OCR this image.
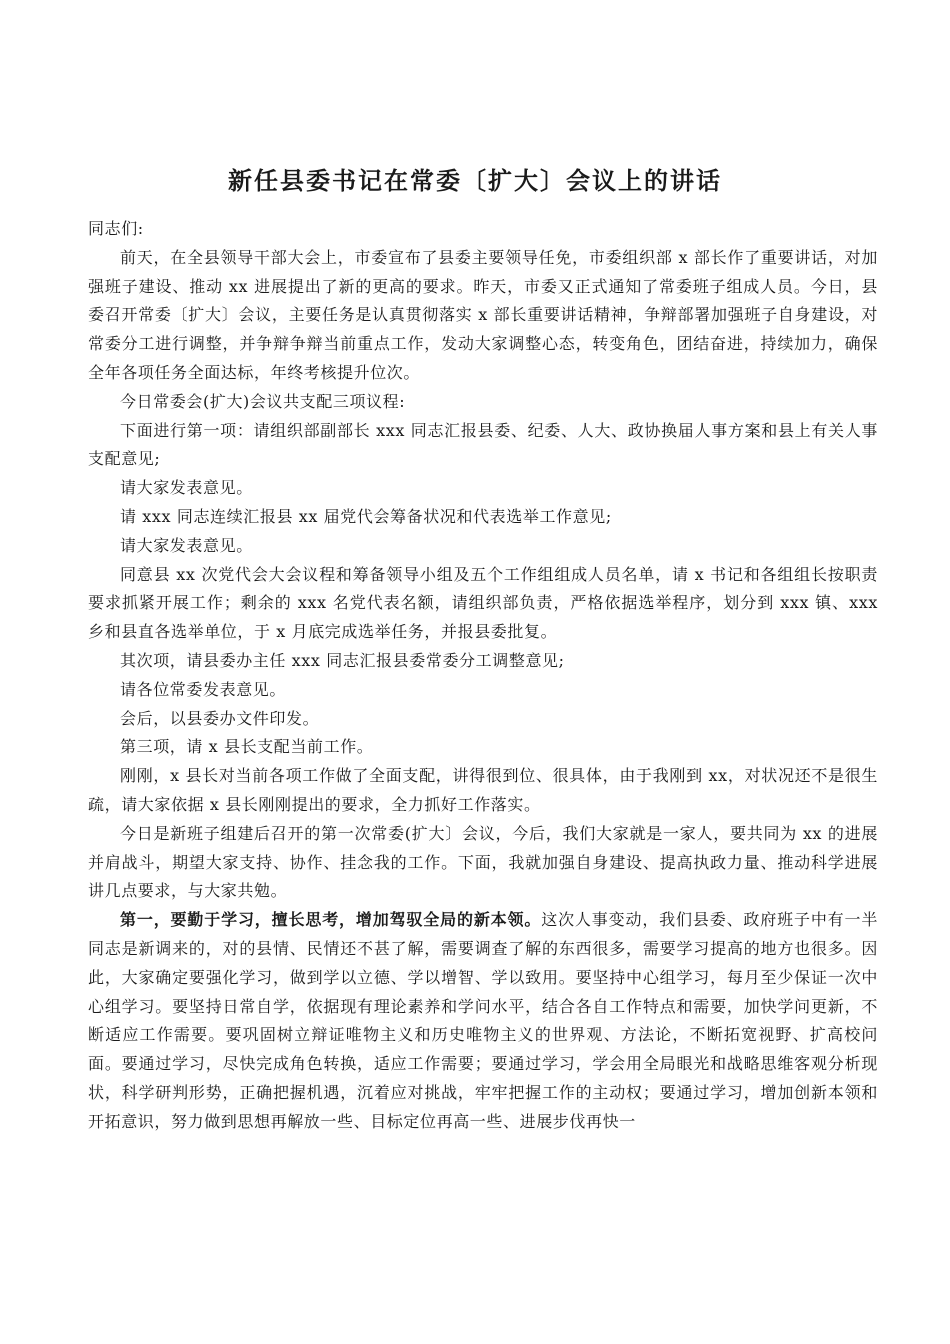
新任县委书记在常委〔扩大〕会议上的讲话

同志们:

前天，在全县领导干部大会上，市委宣布了县委主要领导任免，市委组织部 x 部长作了重要讲话，对加强班子建设、推动 xx 进展提出了新的更高的要求。昨天，市委又正式通知了常委班子组成人员。今日，县委召开常委〔扩大〕会议，主要任务是认真贯彻落实 x 部长重要讲话精神，争辩部署加强班子自身建设，对常委分工进行调整，并争辩争辩当前重点工作，发动大家调整心态，转变角色，团结奋进，持续加力，确保全年各项任务全面达标，年终考核提升位次。

今日常委会(扩大)会议共支配三项议程:

下面进行第一项：请组织部副部长 xxx 同志汇报县委、纪委、人大、政协换届人事方案和县上有关人事支配意见;

请大家发表意见。

请 xxx 同志连续汇报县 xx 届党代会筹备状况和代表选举工作意见;

请大家发表意见。

同意县 xx 次党代会大会议程和筹备领导小组及五个工作组组成人员名单，请 x 书记和各组组长按职责要求抓紧开展工作；剩余的 xxx 名党代表名额，请组织部负责，严格依据选举程序，划分到 xxx 镇、xxx 乡和县直各选举单位，于 x 月底完成选举任务，并报县委批复。

其次项，请县委办主任 xxx 同志汇报县委常委分工调整意见;

请各位常委发表意见。

会后，以县委办文件印发。

第三项，请 x 县长支配当前工作。

刚刚，x 县长对当前各项工作做了全面支配，讲得很到位、很具体，由于我刚到 xx，对状况还不是很生疏，请大家依据 x 县长刚刚提出的要求，全力抓好工作落实。

今日是新班子组建后召开的第一次常委(扩大〕会议，今后，我们大家就是一家人，要共同为 xx 的进展并肩战斗，期望大家支持、协作、挂念我的工作。下面，我就加强自身建设、提高执政力量、推动科学进展讲几点要求，与大家共勉。

第一，要勤于学习，擅长思考，增加驾驭全局的新本领。这次人事变动，我们县委、政府班子中有一半同志是新调来的，对的县情、民情还不甚了解，需要调查了解的东西很多，需要学习提高的地方也很多。因此，大家确定要强化学习，做到学以立德、学以增智、学以致用。要坚持中心组学习，每月至少保证一次中心组学习。要坚持日常自学，依据现有理论素养和学问水平，结合各自工作特点和需要，加快学问更新，不断适应工作需要。要巩固树立辩证唯物主义和历史唯物主义的世界观、方法论，不断拓宽视野、扩高校问面。要通过学习，尽快完成角色转换，适应工作需要；要通过学习，学会用全局眼光和战略思维客观分析现状，科学研判形势，正确把握机遇，沉着应对挑战，牢牢把握工作的主动权；要通过学习，增加创新本领和开拓意识，努力做到思想再解放一些、目标定位再高一些、进展步伐再快一
